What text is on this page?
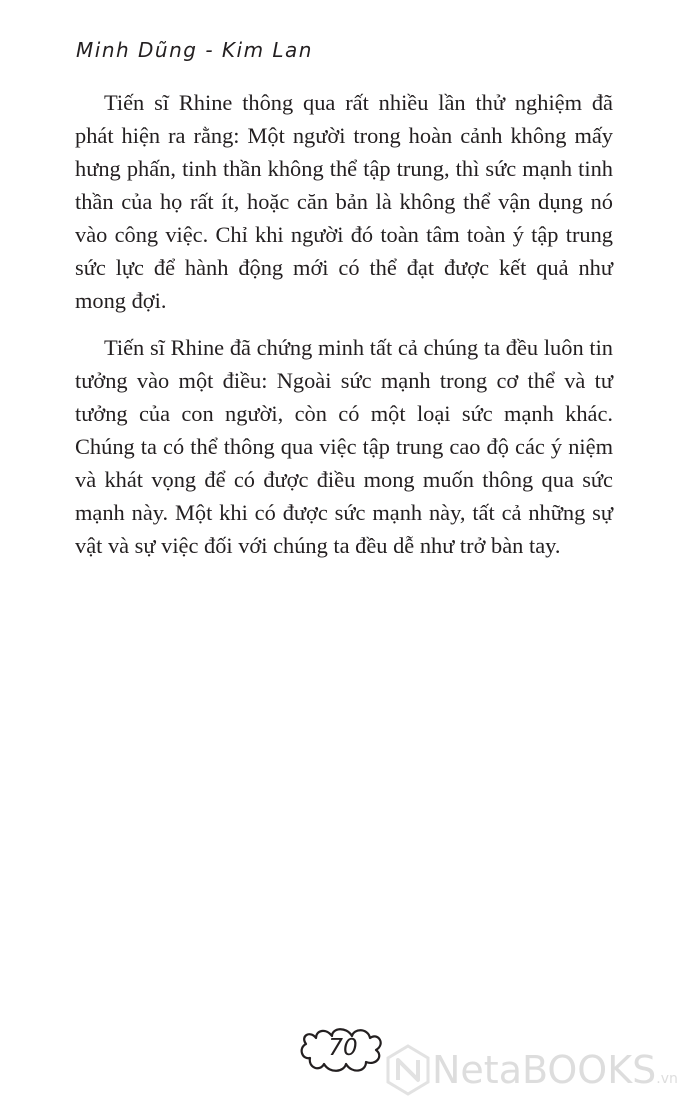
Minh Dũng - Kim Lan

Tiến sĩ Rhine thông qua rất nhiều lần thử nghiệm đã phát hiện ra rằng: Một người trong hoàn cảnh không mấy hưng phấn, tinh thần không thể tập trung, thì sức mạnh tinh thần của họ rất ít, hoặc căn bản là không thể vận dụng nó vào công việc. Chỉ khi người đó toàn tâm toàn ý tập trung sức lực để hành động mới có thể đạt được kết quả như mong đợi.

Tiến sĩ Rhine đã chứng minh tất cả chúng ta đều luôn tin tưởng vào một điều: Ngoài sức mạnh trong cơ thể và tư tưởng của con người, còn có một loại sức mạnh khác. Chúng ta có thể thông qua việc tập trung cao độ các ý niệm và khát vọng để có được điều mong muốn thông qua sức mạnh này. Một khi có được sức mạnh này, tất cả những sự vật và sự việc đối với chúng ta đều dễ như trở bàn tay.

70	NetaBOOKS.vn
